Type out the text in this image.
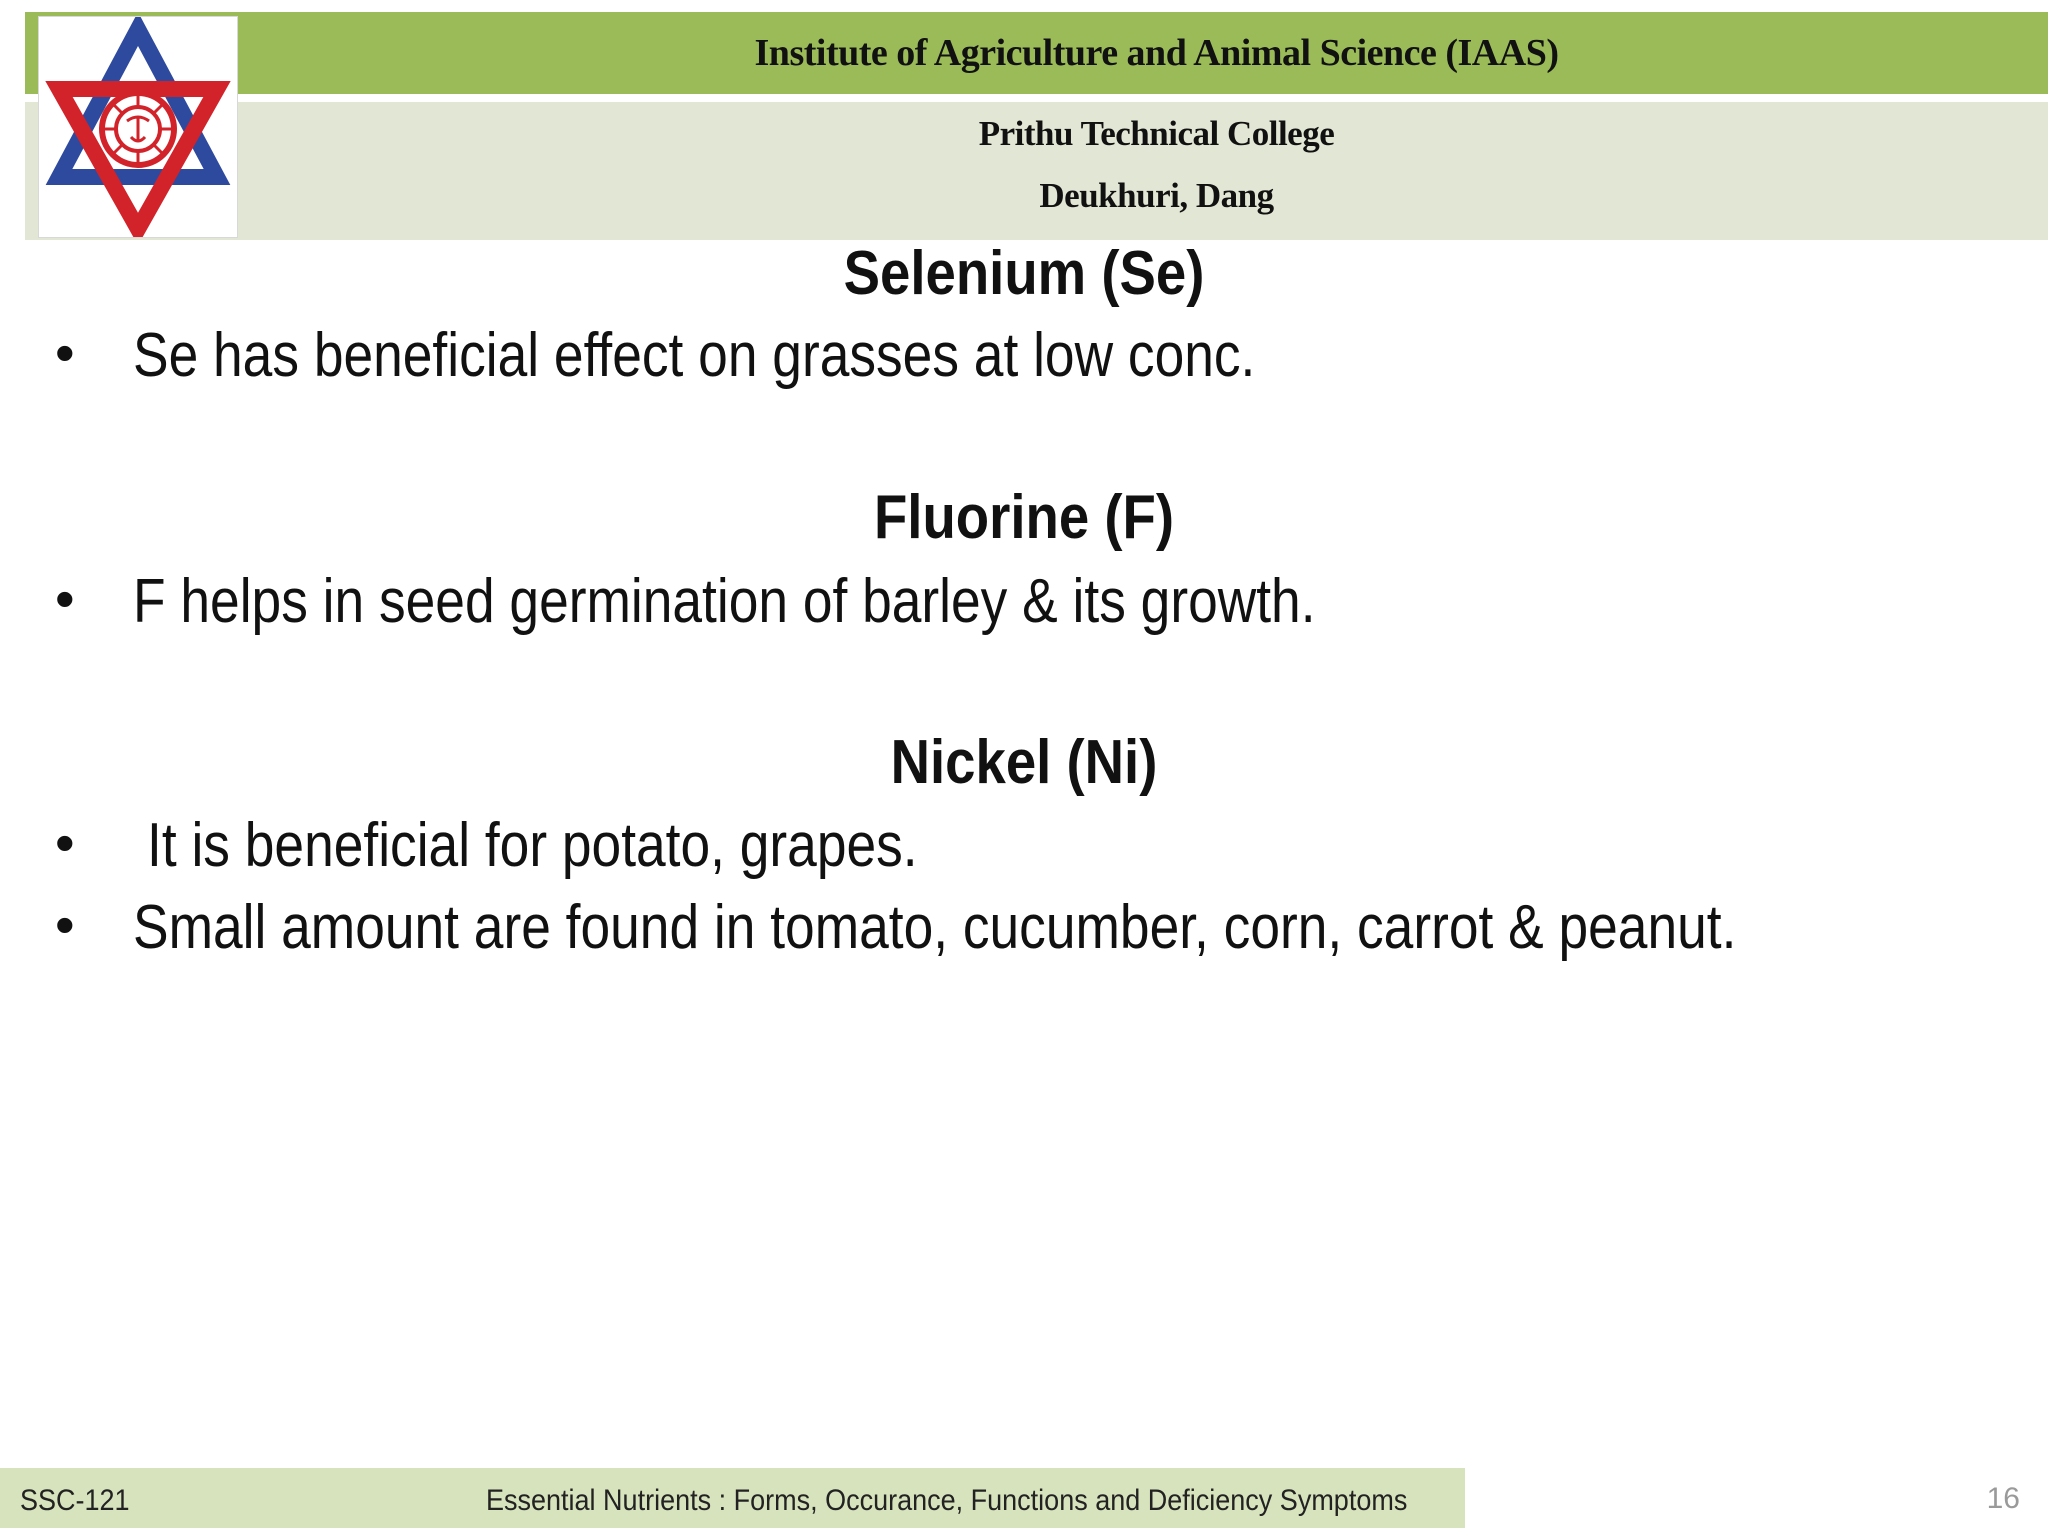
Institute of Agriculture and Animal Science (IAAS)
Prithu Technical College
Deukhuri, Dang
Selenium (Se)
• Se has beneficial effect on grasses at low conc.
Fluorine (F)
• F helps in seed germination of barley & its growth.
Nickel (Ni)
•	It is beneficial for potato, grapes.
• Small amount are found in tomato, cucumber, corn, carrot & peanut.
SSC-121	Essential Nutrients : Forms, Occurance, Functions and Deficiency Symptoms	16
